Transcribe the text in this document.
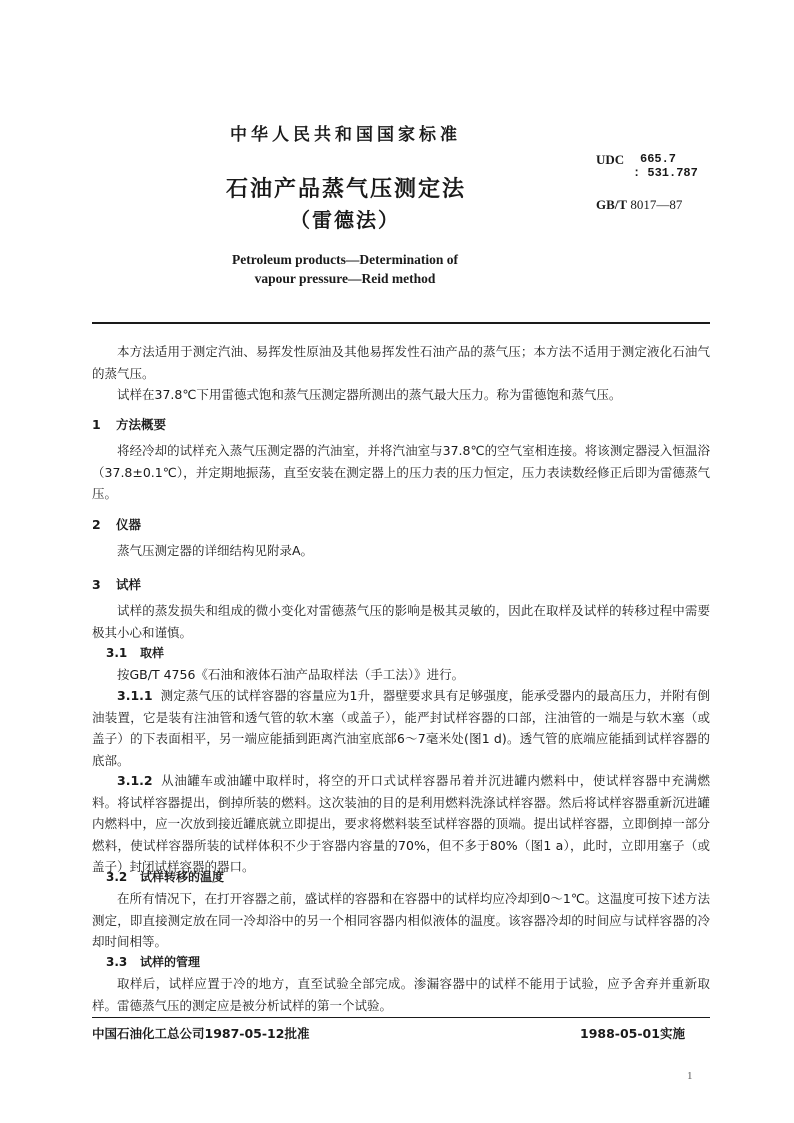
中华人民共和国国家标准
石油产品蒸气压测定法
（雷德法）
Petroleum products—Determination of
vapour pressure—Reid method
UDC 665.7
: 531.787
GB/T 8017—87
本方法适用于测定汽油、易挥发性原油及其他易挥发性石油产品的蒸气压；本方法不适用于测定液化石油气的蒸气压。
试样在37.8℃下用雷德式饱和蒸气压测定器所测出的蒸气最大压力。称为雷德饱和蒸气压。
1 方法概要
将经冷却的试样充入蒸气压测定器的汽油室，并将汽油室与37.8℃的空气室相连接。将该测定器浸入恒温浴（37.8±0.1℃），并定期地振荡，直至安装在测定器上的压力表的压力恒定，压力表读数经修正后即为雷德蒸气压。
2 仪器
蒸气压测定器的详细结构见附录A。
3 试样
试样的蒸发损失和组成的微小变化对雷德蒸气压的影响是极其灵敏的，因此在取样及试样的转移过程中需要极其小心和谨慎。
3.1 取样
按GB/T 4756《石油和液体石油产品取样法（手工法）》进行。
3.1.1 测定蒸气压的试样容器的容量应为1升，器壁要求具有足够强度，能承受器内的最高压力，并附有倒油装置，它是装有注油管和透气管的软木塞（或盖子），能严封试样容器的口部，注油管的一端是与软木塞（或盖子）的下表面相平，另一端应能插到距离汽油室底部6～7毫米处(图1 d)。透气管的底端应能插到试样容器的底部。
3.1.2 从油罐车或油罐中取样时，将空的开口式试样容器吊着并沉进罐内燃料中，使试样容器中充满燃料。将试样容器提出，倒掉所装的燃料。这次装油的目的是利用燃料洗涤试样容器。然后将试样容器重新沉进罐内燃料中，应一次放到接近罐底就立即提出，要求将燃料装至试样容器的顶端。提出试样容器，立即倒掉一部分燃料，使试样容器所装的试样体积不少于容器内容量的70%，但不多于80%（图1 a），此时，立即用塞子（或盖子）封闭试样容器的器口。
3.2 试样转移的温度
在所有情况下，在打开容器之前，盛试样的容器和在容器中的试样均应冷却到0～1℃。这温度可按下述方法测定，即直接测定放在同一冷却浴中的另一个相同容器内相似液体的温度。该容器冷却的时间应与试样容器的冷却时间相等。
3.3 试样的管理
取样后，试样应置于冷的地方，直至试验全部完成。渗漏容器中的试样不能用于试验，应予舍弃并重新取样。雷德蒸气压的测定应是被分析试样的第一个试验。
中国石油化工总公司1987-05-12批准	1988-05-01实施
1
